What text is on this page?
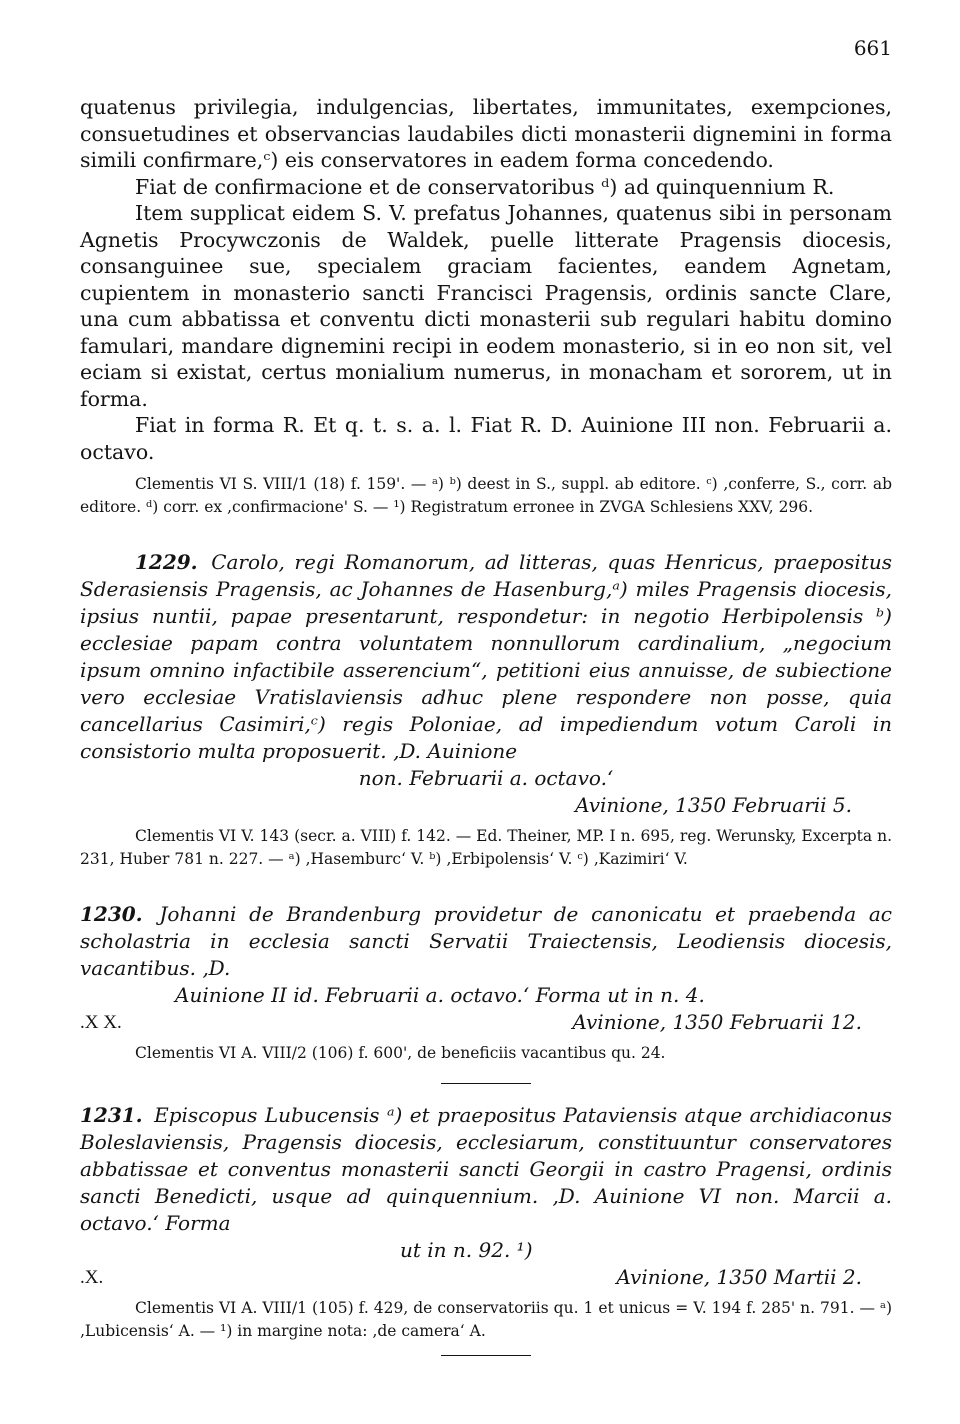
661

quatenus privilegia, indulgencias, libertates, immunitates, exempciones, consuetudines et observancias laudabiles dicti monasterii dignemini in forma simili confirmare,ᶜ) eis conservatores in eadem forma concedendo.

Fiat de confirmacione et de conservatoribus ᵈ) ad quinquennium R.

Item supplicat eidem S. V. prefatus Johannes, quatenus sibi in personam Agnetis Procywczonis de Waldek, puelle litterate Pragensis diocesis, consanguinee sue, specialem graciam facientes, eandem Agnetam, cupientem in monasterio sancti Francisci Pragensis, ordinis sancte Clare, una cum abbatissa et conventu dicti monasterii sub regulari habitu domino famulari, mandare dignemini recipi in eodem monasterio, si in eo non sit, vel eciam si existat, certus monialium numerus, in monacham et sororem, ut in forma.

Fiat in forma R. Et q. t. s. a. l. Fiat R. D. Auinione III non. Februarii a. octavo.

Clementis VI S. VIII/1 (18) f. 159'. — ᵃ) ᵇ) deest in S., suppl. ab editore. ᶜ) ‚conferre, S., corr. ab editore. ᵈ) corr. ex ‚confirmacione' S. — ¹) Registratum erronee in ZVGA Schlesiens XXV, 296.

1229. Carolo, regi Romanorum, ad litteras, quas Henricus, praepositus Sderasiensis Pragensis, ac Johannes de Hasenburg,ᵃ) miles Pragensis diocesis, ipsius nuntii, papae presentarunt, respondetur: in negotio Herbipolensis ᵇ) ecclesiae papam contra voluntatem nonnullorum cardinalium, „negocium ipsum omnino infactibile asserencium“, petitioni eius annuisse, de subiectione vero ecclesiae Vratislaviensis adhuc plene respondere non posse, quia cancellarius Casimiri,ᶜ) regis Poloniae, ad impediendum votum Caroli in consistorio multa proposuerit. ‚D. Auinione

non. Februarii a. octavo.‘

Avinione, 1350 Februarii 5.

Clementis VI V. 143 (secr. a. VIII) f. 142. — Ed. Theiner, MP. I n. 695, reg. Werunsky, Excerpta n. 231, Huber 781 n. 227. — ᵃ) ‚Hasemburc‘ V. ᵇ) ‚Erbipolensis‘ V. ᶜ) ‚Kazimiri‘ V.

1230. Johanni de Brandenburg providetur de canonicatu et praebenda ac scholastria in ecclesia sancti Servatii Traiectensis, Leodiensis diocesis, vacantibus. ‚D.

Auinione II id. Februarii a. octavo.‘ Forma ut in n. 4.

.X X.	Avinione, 1350 Februarii 12.

Clementis VI A. VIII/2 (106) f. 600', de beneficiis vacantibus qu. 24.

1231. Episcopus Lubucensis ᵃ) et praepositus Pataviensis atque archidiaconus Boleslaviensis, Pragensis diocesis, ecclesiarum, constituuntur conservatores abbatissae et conventus monasterii sancti Georgii in castro Pragensi, ordinis sancti Benedicti, usque ad quinquennium. ‚D. Auinione VI non. Marcii a. octavo.‘ Forma

ut in n. 92. ¹)

.X.	Avinione, 1350 Martii 2.

Clementis VI A. VIII/1 (105) f. 429, de conservatoriis qu. 1 et unicus = V. 194 f. 285' n. 791. — ᵃ) ‚Lubicensis‘ A. — ¹) in margine nota: ‚de camera‘ A.
